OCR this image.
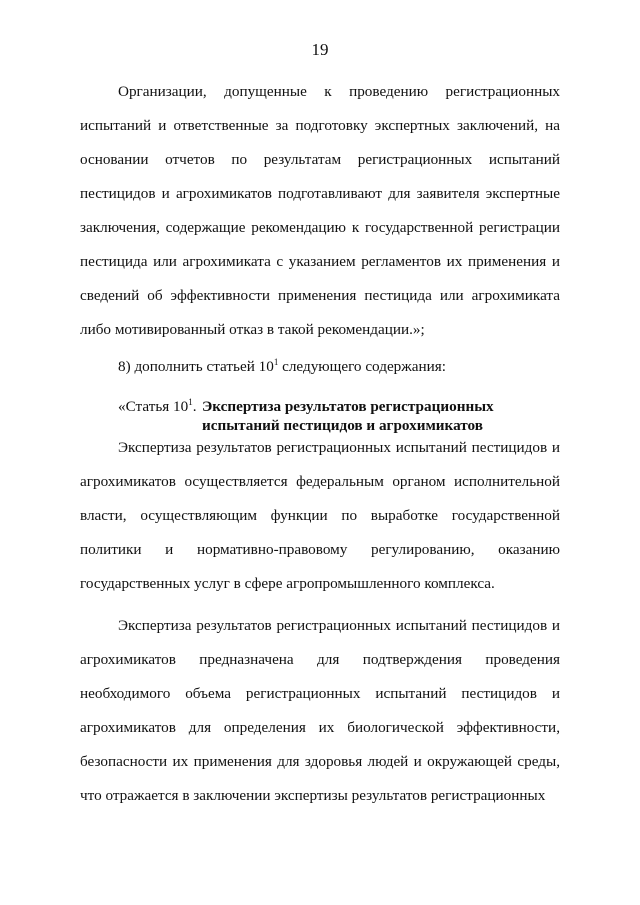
19

Организации, допущенные к проведению регистрационных испытаний и ответственные за подготовку экспертных заключений, на основании отчетов по результатам регистрационных испытаний пестицидов и агрохимикатов подготавливают для заявителя экспертные заключения, содержащие рекомендацию к государственной регистрации пестицида или агрохимиката с указанием регламентов их применения и сведений об эффективности применения пестицида или агрохимиката либо мотивированный отказ в такой рекомендации.»;

8) дополнить статьей $10^1$ следующего содержания:

«Статья $10^1$. Экспертиза результатов регистрационных
испытаний пестицидов и агрохимикатов

Экспертиза результатов регистрационных испытаний пестицидов и агрохимикатов осуществляется федеральным органом исполнительной власти, осуществляющим функции по выработке государственной политики и нормативно-правовому регулированию, оказанию государственных услуг в сфере агропромышленного комплекса.

Экспертиза результатов регистрационных испытаний пестицидов и агрохимикатов предназначена для подтверждения проведения необходимого объема регистрационных испытаний пестицидов и агрохимикатов для определения их биологической эффективности, безопасности их применения для здоровья людей и окружающей среды, что отражается в заключении экспертизы результатов регистрационных
